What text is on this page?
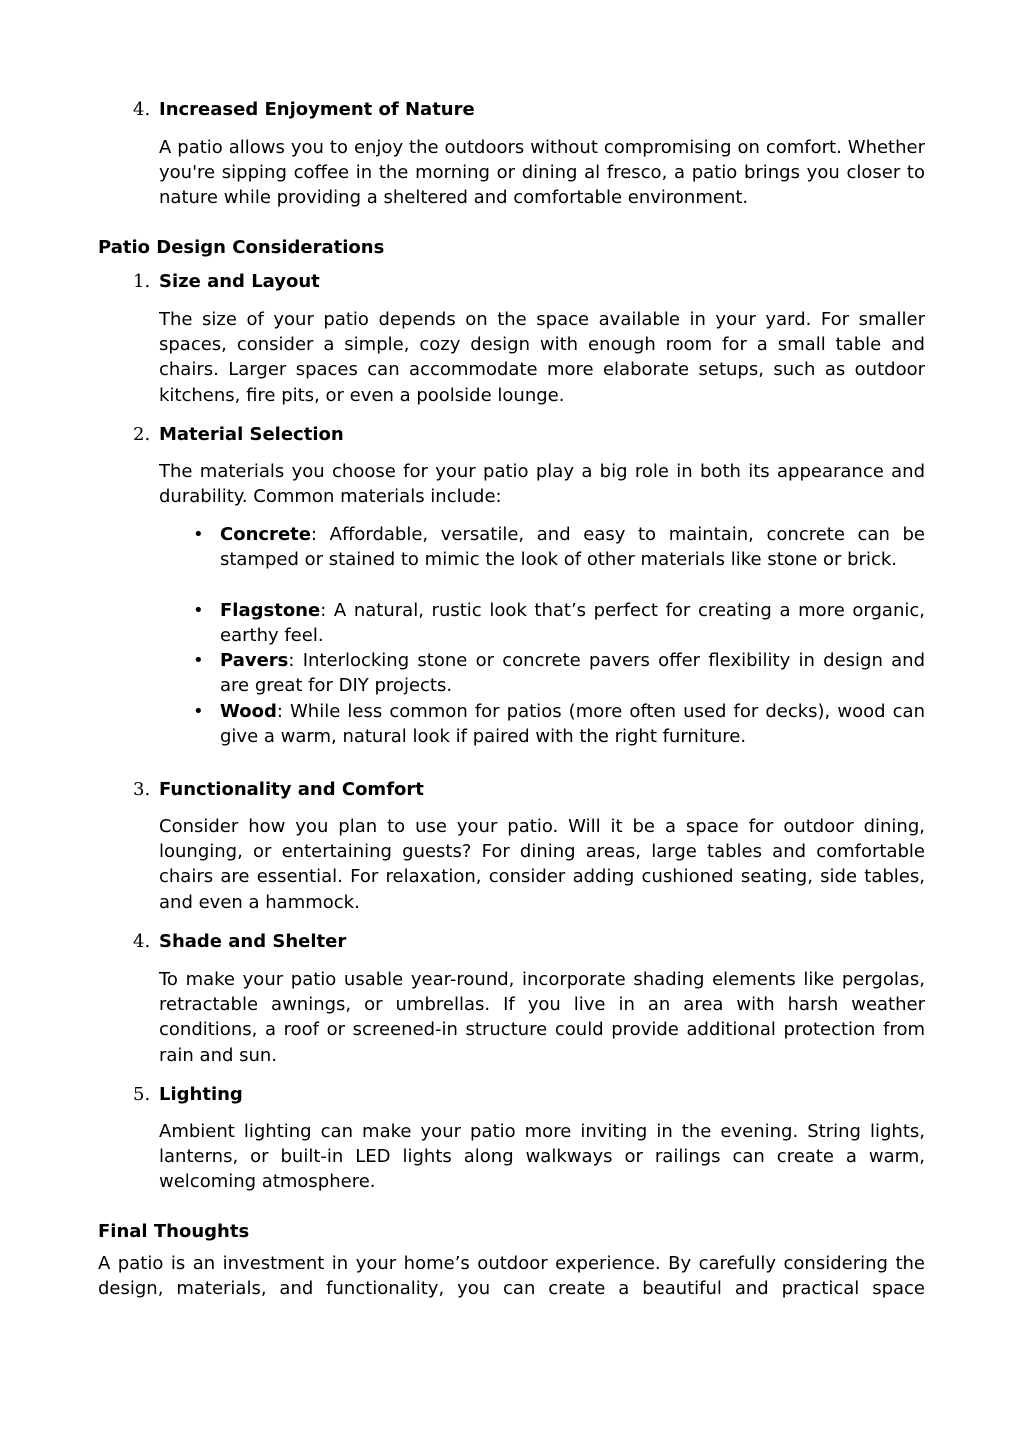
4. Increased Enjoyment of Nature

A patio allows you to enjoy the outdoors without compromising on comfort. Whether you're sipping coffee in the morning or dining al fresco, a patio brings you closer to nature while providing a sheltered and comfortable environment.

Patio Design Considerations
1. Size and Layout

The size of your patio depends on the space available in your yard. For smaller spaces, consider a simple, cozy design with enough room for a small table and chairs. Larger spaces can accommodate more elaborate setups, such as outdoor kitchens, fire pits, or even a poolside lounge.

2. Material Selection

The materials you choose for your patio play a big role in both its appearance and durability. Common materials include:

• Concrete: Affordable, versatile, and easy to maintain, concrete can be stamped or stained to mimic the look of other materials like stone or brick.

• Flagstone: A natural, rustic look that’s perfect for creating a more organic, earthy feel.

• Pavers: Interlocking stone or concrete pavers offer flexibility in design and are great for DIY projects.

• Wood: While less common for patios (more often used for decks), wood can give a warm, natural look if paired with the right furniture.

3. Functionality and Comfort

Consider how you plan to use your patio. Will it be a space for outdoor dining, lounging, or entertaining guests? For dining areas, large tables and comfortable chairs are essential. For relaxation, consider adding cushioned seating, side tables, and even a hammock.

4. Shade and Shelter

To make your patio usable year-round, incorporate shading elements like pergolas, retractable awnings, or umbrellas. If you live in an area with harsh weather conditions, a roof or screened-in structure could provide additional protection from rain and sun.

5. Lighting

Ambient lighting can make your patio more inviting in the evening. String lights, lanterns, or built-in LED lights along walkways or railings can create a warm, welcoming atmosphere.

Final Thoughts

A patio is an investment in your home’s outdoor experience. By carefully considering the design, materials, and functionality, you can create a beautiful and practical space
